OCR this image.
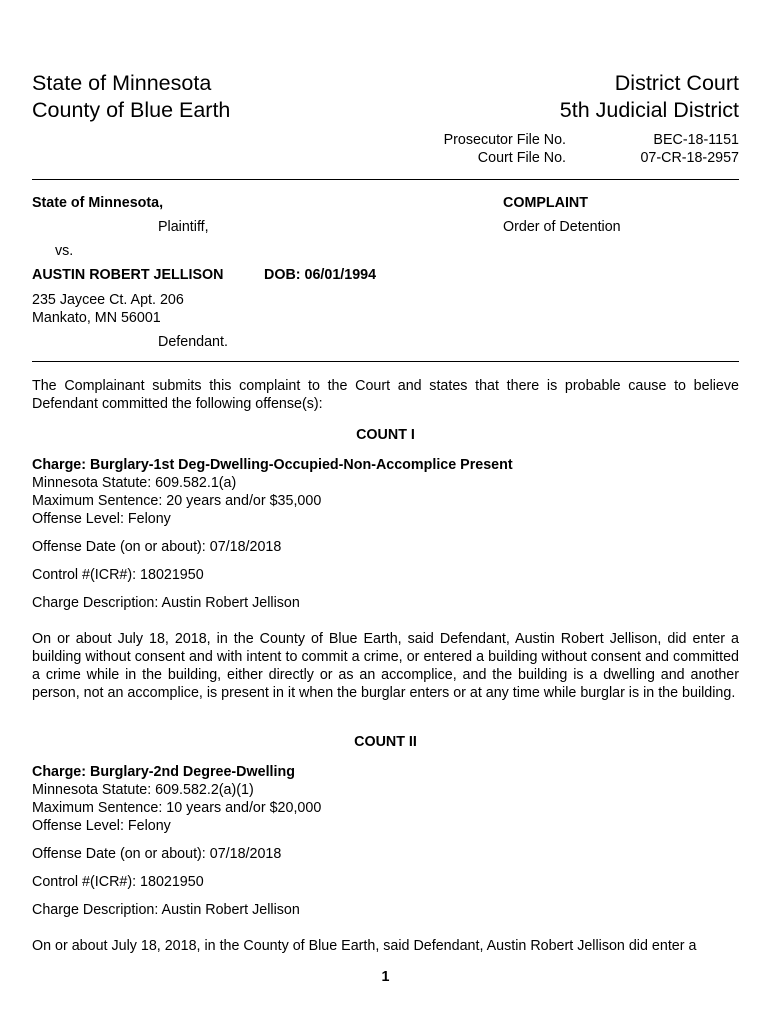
State of Minnesota
County of Blue Earth
District Court
5th Judicial District
Prosecutor File No.	BEC-18-1151
Court File No.	07-CR-18-2957
State of Minnesota,
Plaintiff,
vs.
AUSTIN ROBERT JELLISON	DOB: 06/01/1994
235 Jaycee Ct. Apt. 206
Mankato, MN 56001
Defendant.
COMPLAINT
Order of Detention
The Complainant submits this complaint to the Court and states that there is probable cause to believe Defendant committed the following offense(s):
COUNT I
Charge: Burglary-1st Deg-Dwelling-Occupied-Non-Accomplice Present
Minnesota Statute: 609.582.1(a)
Maximum Sentence: 20 years and/or $35,000
Offense Level: Felony
Offense Date (on or about): 07/18/2018
Control #(ICR#): 18021950
Charge Description: Austin Robert Jellison
On or about July 18, 2018, in the County of Blue Earth, said Defendant, Austin Robert Jellison, did enter a building without consent and with intent to commit a crime, or entered a building without consent and committed a crime while in the building, either directly or as an accomplice, and the building is a dwelling and another person, not an accomplice, is present in it when the burglar enters or at any time while burglar is in the building.
COUNT II
Charge: Burglary-2nd Degree-Dwelling
Minnesota Statute: 609.582.2(a)(1)
Maximum Sentence: 10 years and/or $20,000
Offense Level: Felony
Offense Date (on or about): 07/18/2018
Control #(ICR#): 18021950
Charge Description: Austin Robert Jellison
On or about July 18, 2018, in the County of Blue Earth, said Defendant, Austin Robert Jellison did enter a
1
